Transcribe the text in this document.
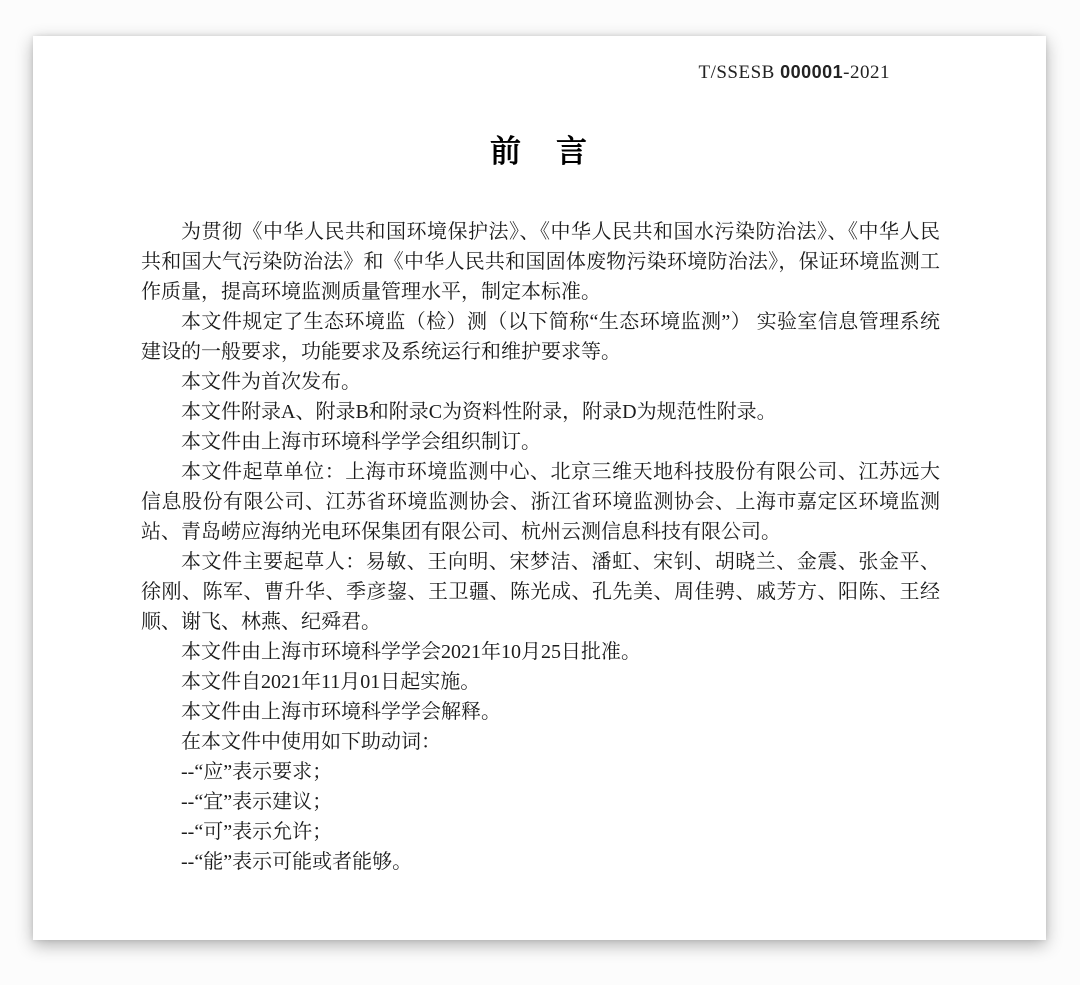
T/SSESB 000001-2021
前　言

为贯彻《中华人民共和国环境保护法》、《中华人民共和国水污染防治法》、《中华人民共和国大气污染防治法》和《中华人民共和国固体废物污染环境防治法》，保证环境监测工作质量，提高环境监测质量管理水平，制定本标准。

本文件规定了生态环境监（检）测（以下简称“生态环境监测”） 实验室信息管理系统建设的一般要求，功能要求及系统运行和维护要求等。

本文件为首次发布。

本文件附录A、附录B和附录C为资料性附录，附录D为规范性附录。

本文件由上海市环境科学学会组织制订。

本文件起草单位：上海市环境监测中心、北京三维天地科技股份有限公司、江苏远大信息股份有限公司、江苏省环境监测协会、浙江省环境监测协会、上海市嘉定区环境监测站、青岛崂应海纳光电环保集团有限公司、杭州云测信息科技有限公司。

本文件主要起草人：易敏、王向明、宋梦洁、潘虹、宋钊、胡晓兰、金震、张金平、徐刚、陈军、曹升华、季彦鋆、王卫疆、陈光成、孔先美、周佳骋、戚芳方、阳陈、王经顺、谢飞、林燕、纪舜君。

本文件由上海市环境科学学会2021年10月25日批准。

本文件自2021年11月01日起实施。

本文件由上海市环境科学学会解释。

在本文件中使用如下助动词：

--“应”表示要求；

--“宜”表示建议；

--“可”表示允许；

--“能”表示可能或者能够。
